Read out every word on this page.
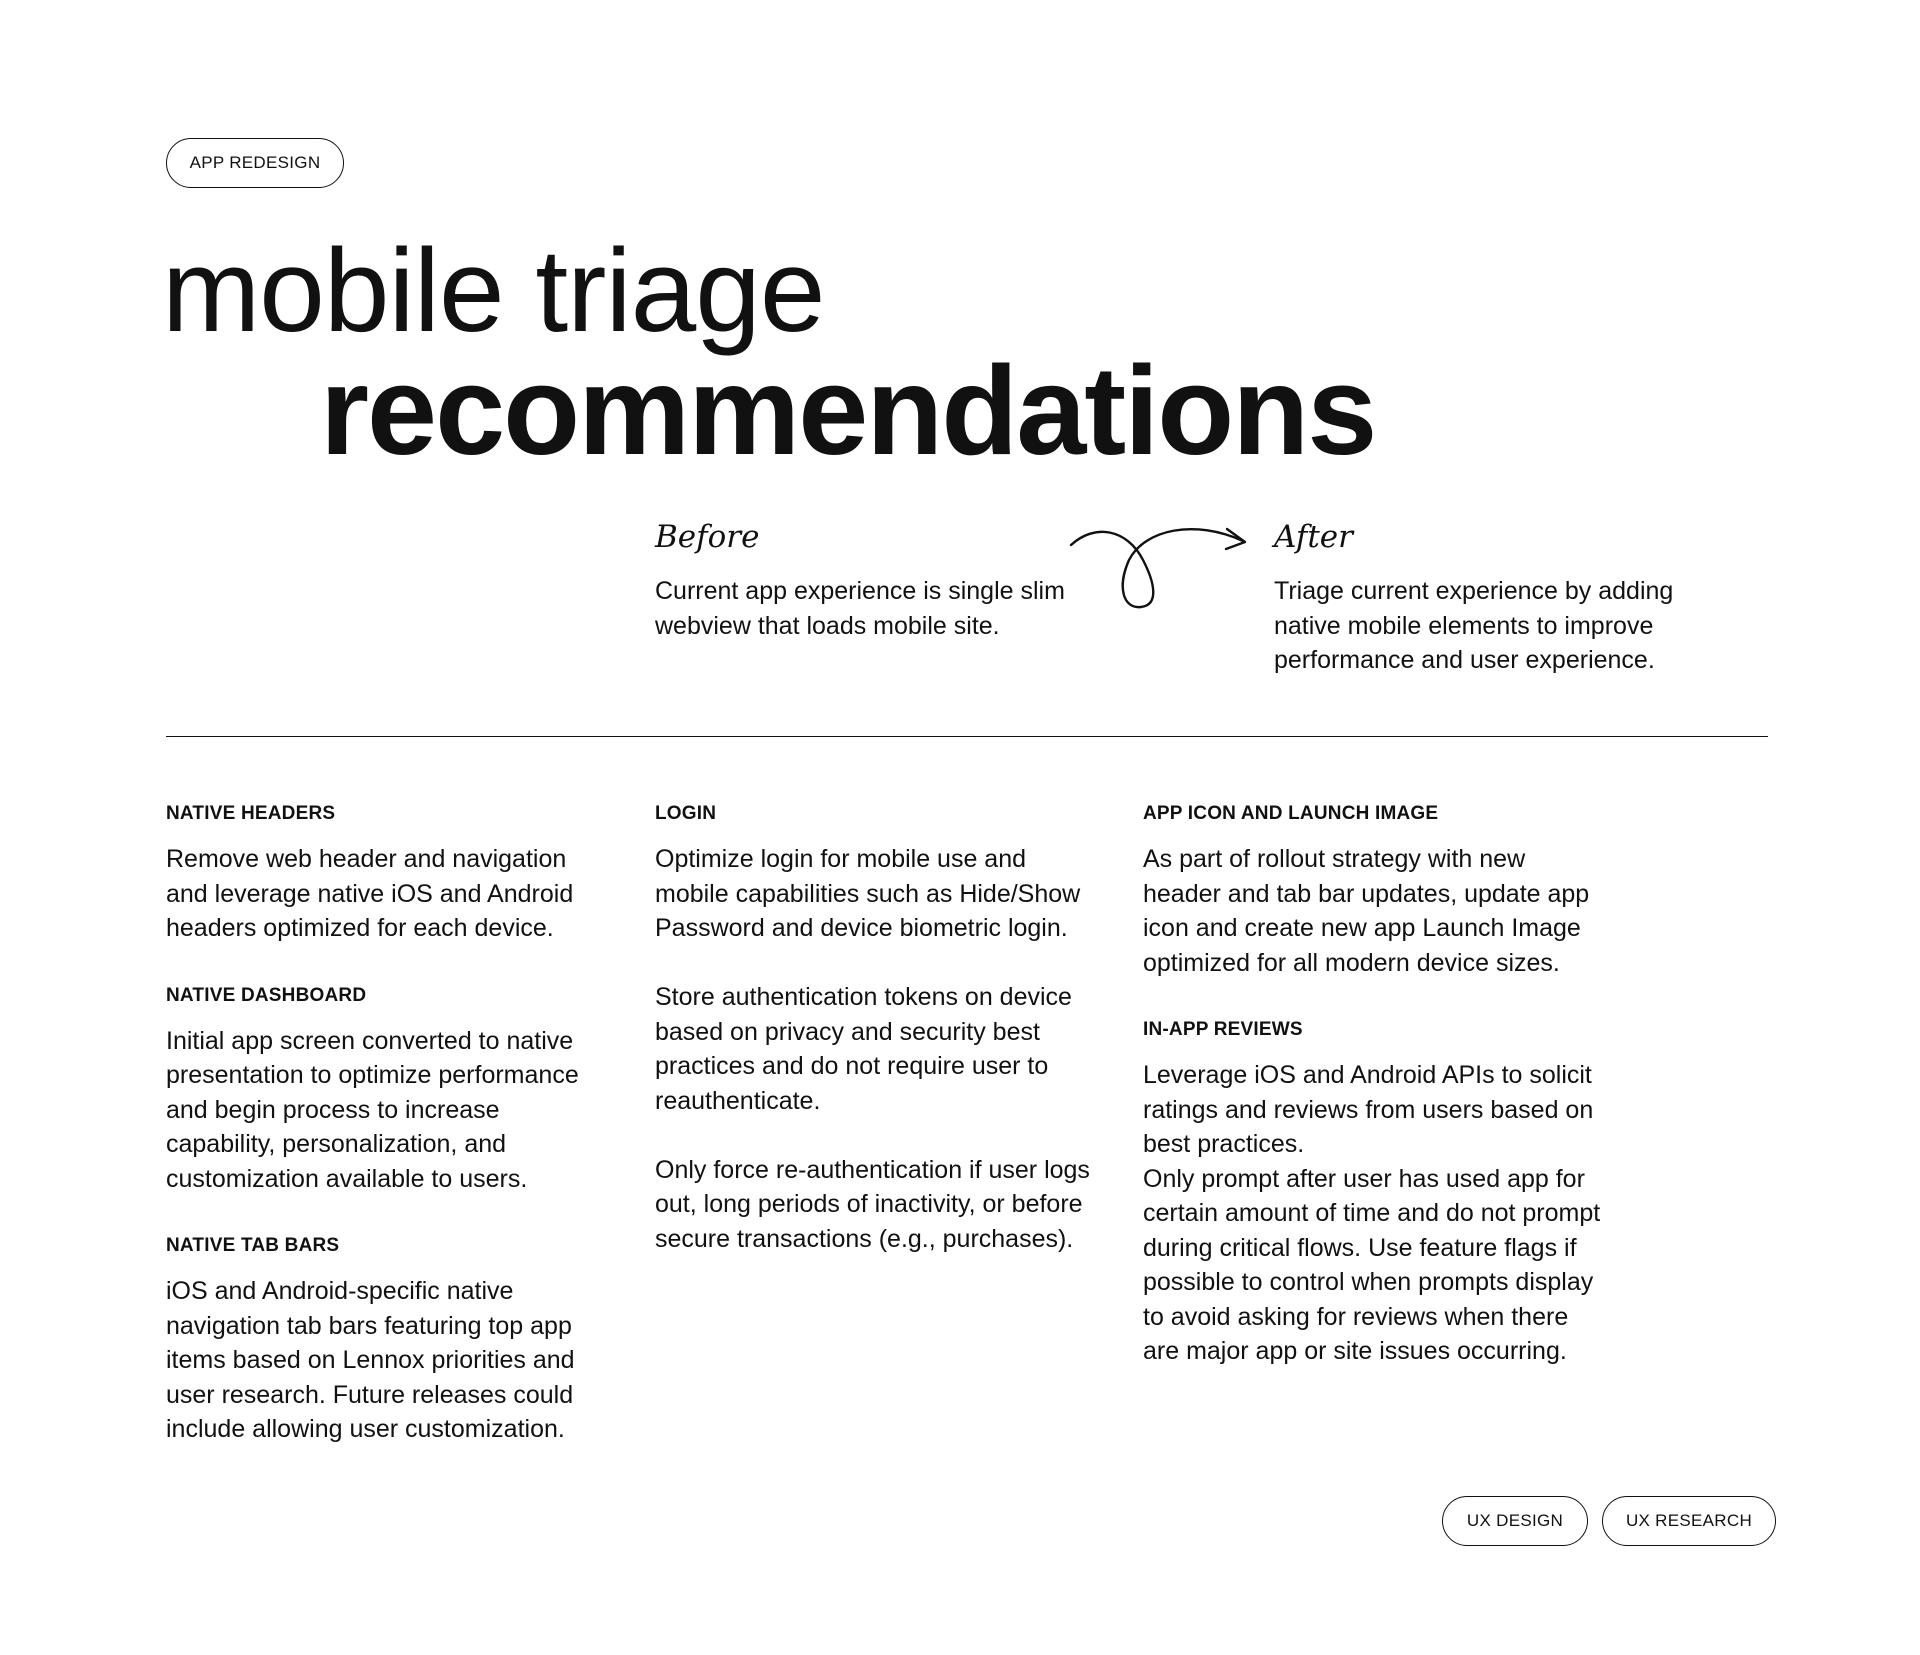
APP REDESIGN
mobile triage
recommendations
Before

Current app experience is single slim webview that loads mobile site.

After

Triage current experience by adding native mobile elements to improve performance and user experience.

NATIVE HEADERS

Remove web header and navigation and leverage native iOS and Android headers optimized for each device.

NATIVE DASHBOARD

Initial app screen converted to native presentation to optimize performance and begin process to increase capability, personalization, and customization available to users.

NATIVE TAB BARS

iOS and Android-specific native navigation tab bars featuring top app items based on Lennox priorities and user research. Future releases could include allowing user customization.

LOGIN

Optimize login for mobile use and mobile capabilities such as Hide/Show Password and device biometric login.

Store authentication tokens on device based on privacy and security best practices and do not require user to reauthenticate.

Only force re-authentication if user logs out, long periods of inactivity, or before secure transactions (e.g., purchases).

APP ICON AND LAUNCH IMAGE

As part of rollout strategy with new header and tab bar updates, update app icon and create new app Launch Image optimized for all modern device sizes.

IN-APP REVIEWS

Leverage iOS and Android APIs to solicit ratings and reviews from users based on best practices.

Only prompt after user has used app for certain amount of time and do not prompt during critical flows. Use feature flags if possible to control when prompts display to avoid asking for reviews when there are major app or site issues occurring.

UX DESIGN	UX RESEARCH
